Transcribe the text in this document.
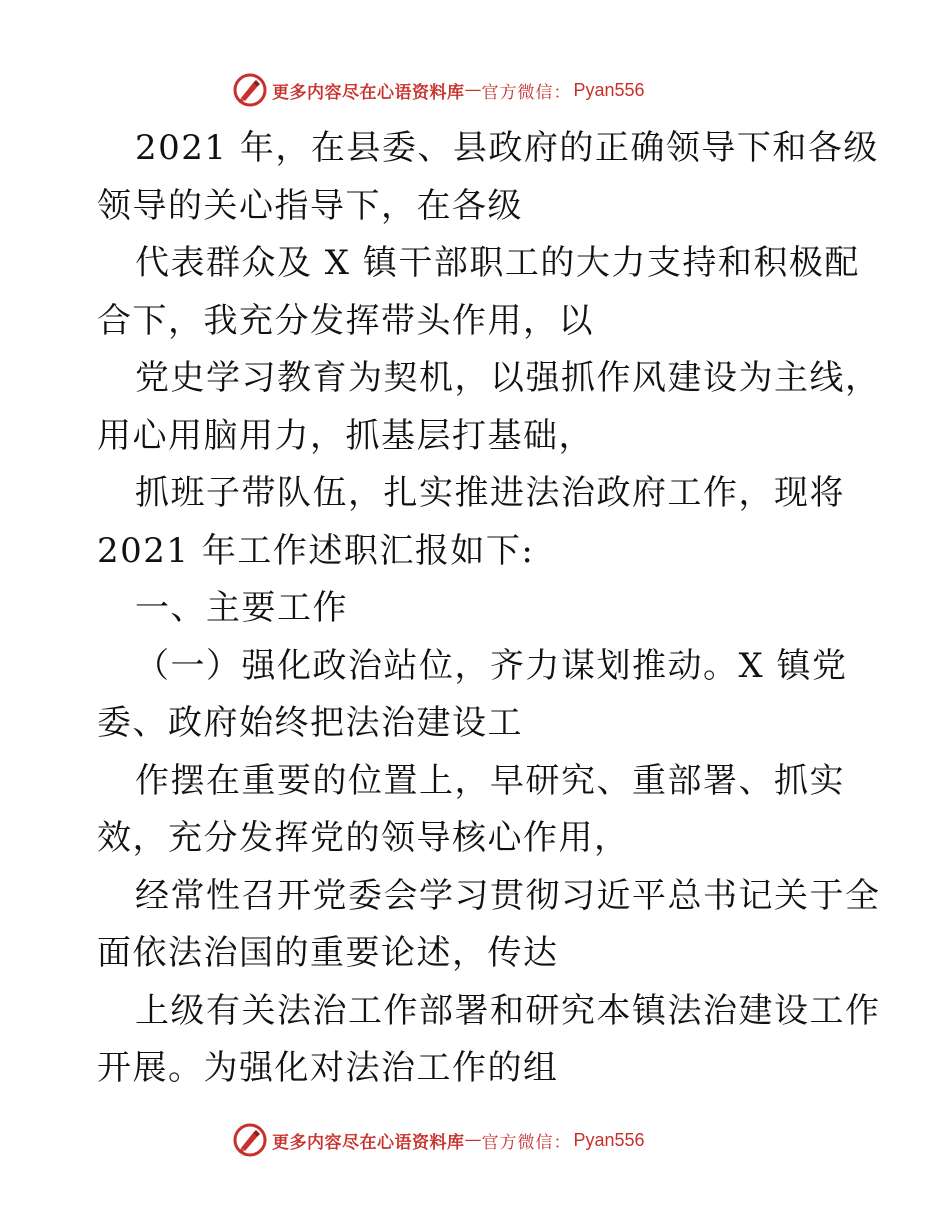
更多内容尽在心语资料库 — 官方微信： Pyan556
2021 年，在县委、县政府的正确领导下和各级
领导的关心指导下，在各级
代表群众及 X 镇干部职工的大力支持和积极配
合下，我充分发挥带头作用，以
党史学习教育为契机，以强抓作风建设为主线，
用心用脑用力，抓基层打基础，
抓班子带队伍，扎实推进法治政府工作，现将
2021 年工作述职汇报如下:
一、主要工作
（一）强化政治站位，齐力谋划推动。X 镇党
委、政府始终把法治建设工
作摆在重要的位置上，早研究、重部署、抓实
效，充分发挥党的领导核心作用，
经常性召开党委会学习贯彻习近平总书记关于全
面依法治国的重要论述，传达
上级有关法治工作部署和研究本镇法治建设工作
开展。为强化对法治工作的组
更多内容尽在心语资料库 — 官方微信： Pyan556
